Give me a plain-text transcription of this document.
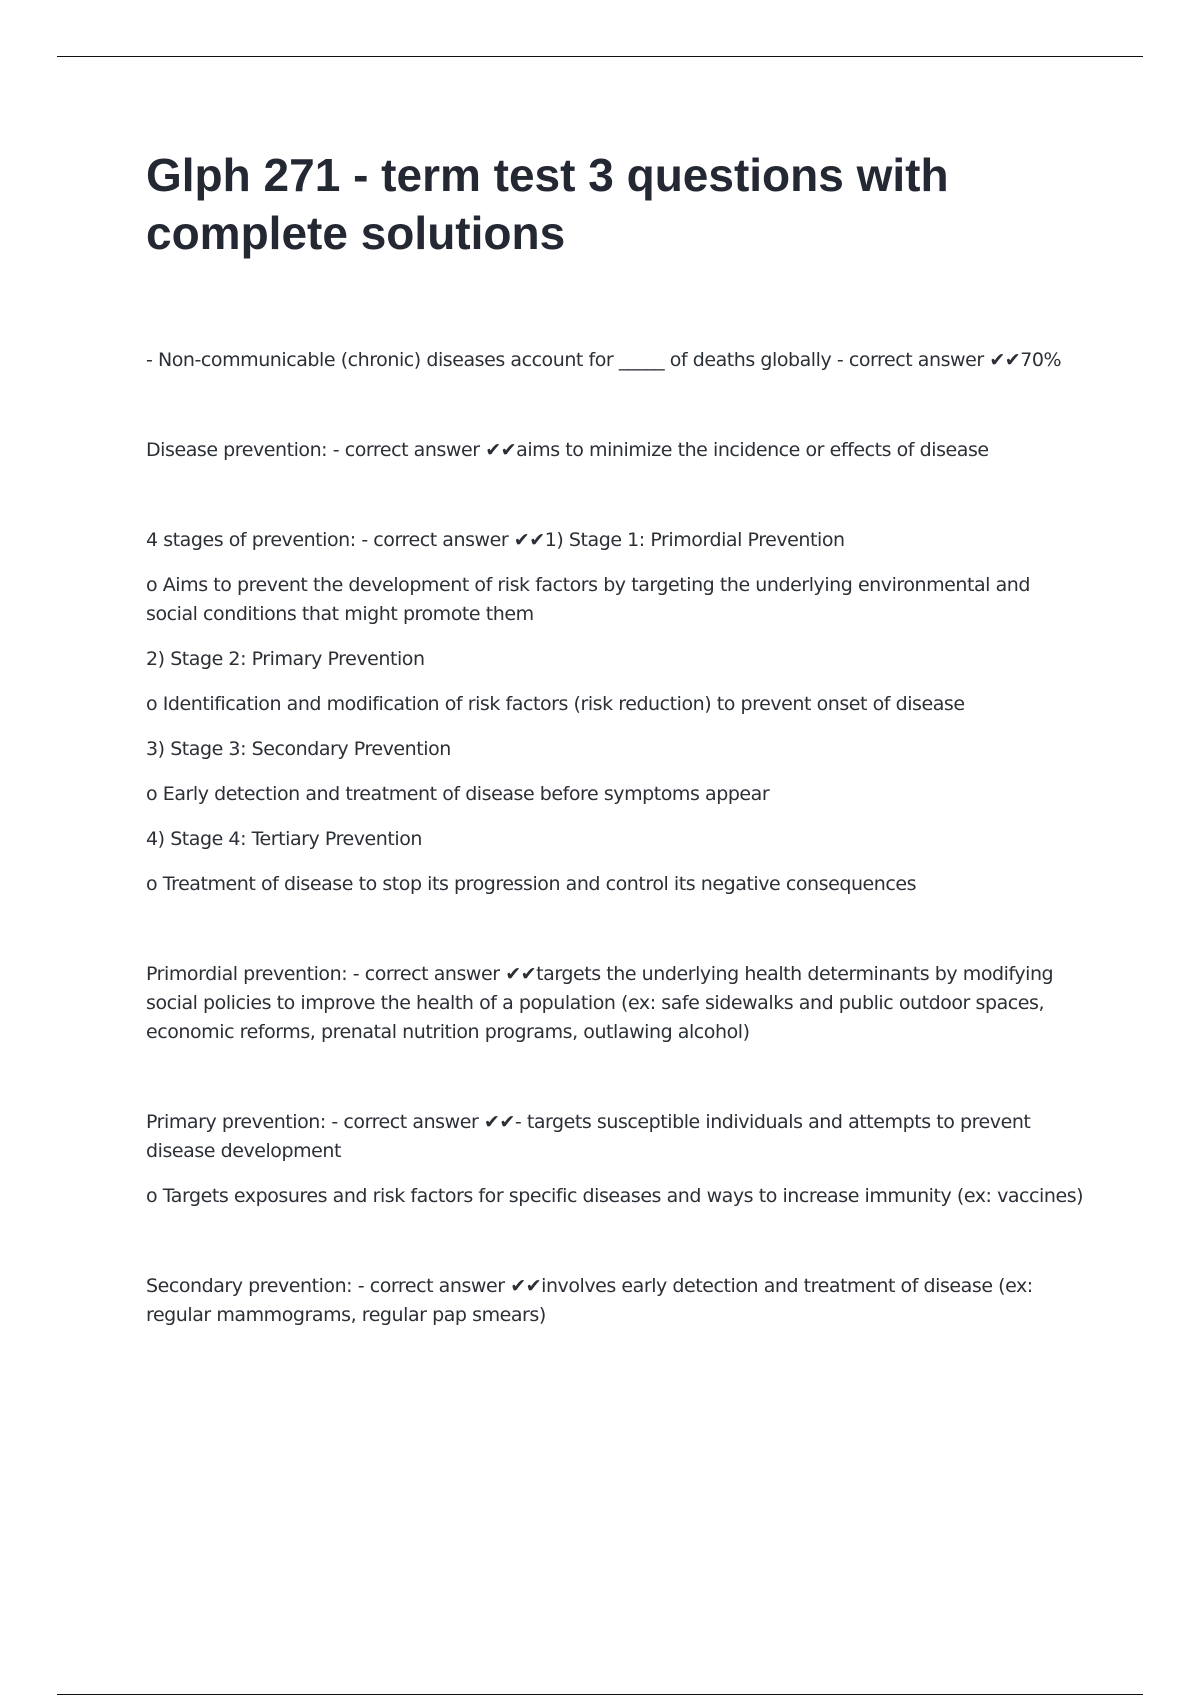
Glph 271 - term test 3 questions with complete solutions

- Non-communicable (chronic) diseases account for _____ of deaths globally - correct answer ✔✔70%

Disease prevention: - correct answer ✔✔aims to minimize the incidence or effects of disease

4 stages of prevention: - correct answer ✔✔1) Stage 1: Primordial Prevention

o Aims to prevent the development of risk factors by targeting the underlying environmental and social conditions that might promote them

2) Stage 2: Primary Prevention

o Identification and modification of risk factors (risk reduction) to prevent onset of disease

3) Stage 3: Secondary Prevention

o Early detection and treatment of disease before symptoms appear

4) Stage 4: Tertiary Prevention

o Treatment of disease to stop its progression and control its negative consequences

Primordial prevention: - correct answer ✔✔targets the underlying health determinants by modifying social policies to improve the health of a population (ex: safe sidewalks and public outdoor spaces, economic reforms, prenatal nutrition programs, outlawing alcohol)

Primary prevention: - correct answer ✔✔- targets susceptible individuals and attempts to prevent disease development

o Targets exposures and risk factors for specific diseases and ways to increase immunity (ex: vaccines)

Secondary prevention: - correct answer ✔✔involves early detection and treatment of disease (ex: regular mammograms, regular pap smears)
